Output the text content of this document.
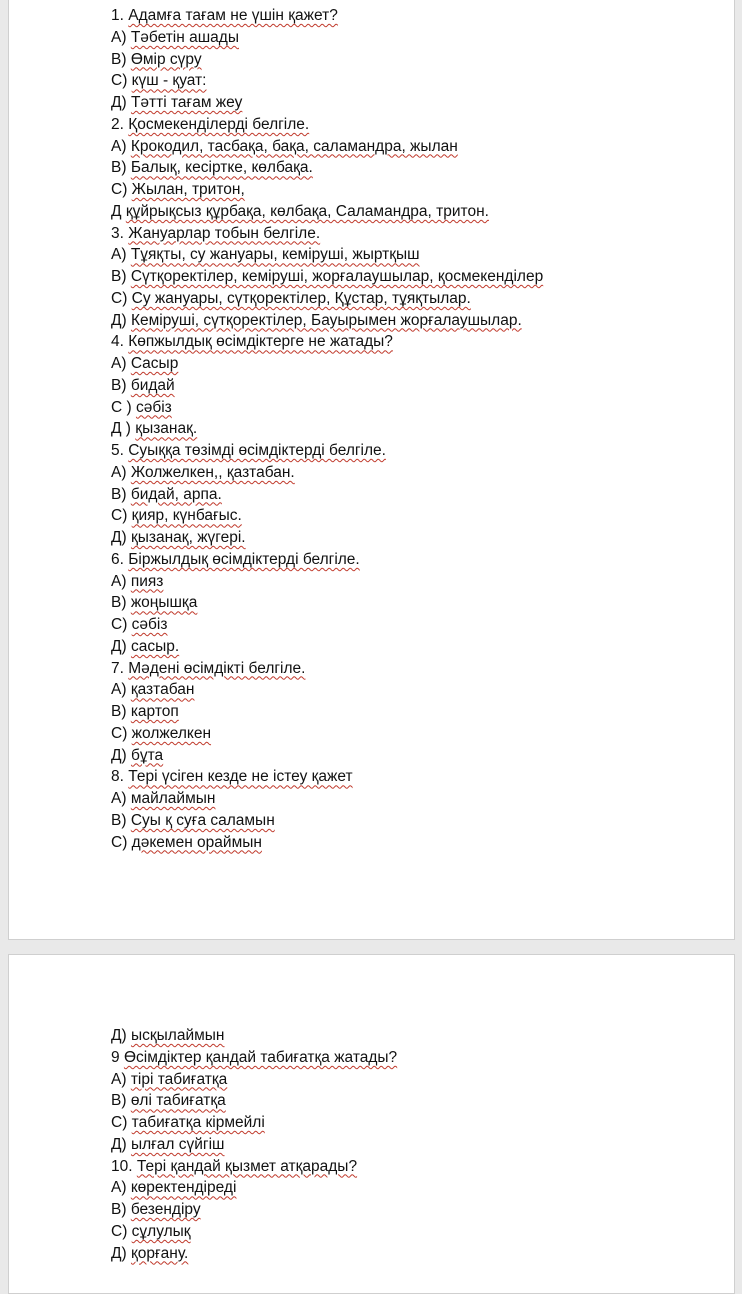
1. Адамға тағам не үшін қажет?
А) Тәбетін ашады
В) Өмір сүру
С) күш - қуат:
Д) Тәтті тағам жеу
2. Қосмекенділерді белгіле.
А) Крокодил, тасбақа, бақа, саламандра, жылан
В) Балық, кесіртке, көлбақа.
С) Жылан, тритон,
Д құйрықсыз құрбақа, көлбақа, Саламандра, тритон.
3. Жануарлар тобын белгіле.
А) Тұяқты, су жануары, кеміруші, жыртқыш
В) Сүтқоректілер, кеміруші, жорғалаушылар, қосмекенділер
С) Су жануары, сүтқоректілер, Құстар, тұяқтылар.
Д) Кеміруші, сүтқоректілер, Бауырымен жорғалаушылар.
4. Көпжылдық өсімдіктерге не жатады?
А) Сасыр
В) бидай
С ) сәбіз
Д ) қызанақ.
5. Суыққа төзімді өсімдіктерді белгіле.
А) Жолжелкен,, қазтабан.
В) бидай, арпа.
С) қияр, күнбағыс.
Д) қызанақ, жүгері.
6. Біржылдық өсімдіктерді белгіле.
А) пияз
В) жоңышқа
С) сәбіз
Д) сасыр.
7. Мәдені өсімдікті белгіле.
А) қазтабан
В) картоп
С) жолжелкен
Д) бұта
8. Тері үсіген кезде не істеу қажет
А) майлаймын
В) Суы қ суға саламын
С) дәкемен ораймын
Д) ысқылаймын
9 Өсімдіктер қандай табиғатқа жатады?
А) тірі табиғатқа
В) өлі табиғатқа
С) табиғатқа кірмейлі
Д) ылғал сүйгіш
10. Тері қандай қызмет атқарады?
А) көректендіреді
В) безендіру
С) сұлулық
Д) қорғану.
